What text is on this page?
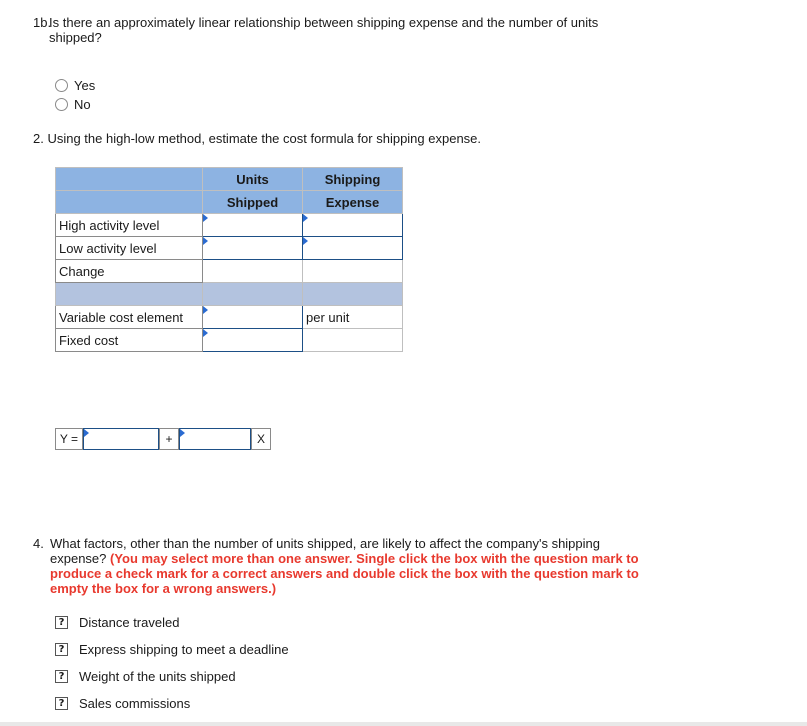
1b.
Is there an approximately linear relationship between shipping expense and the number of units shipped?
Yes
No
2. Using the high-low method, estimate the cost formula for shipping expense.
	Units	Shipping
	Shipped	Expense
High activity level		
Low activity level		
Change		

Variable cost element		per unit
Fixed cost		
Y =	+	X
4. What factors, other than the number of units shipped, are likely to affect the company's shipping expense? (You may select more than one answer. Single click the box with the question mark to produce a check mark for a correct answers and double click the box with the question mark to empty the box for a wrong answers.)
? Distance traveled
? Express shipping to meet a deadline
? Weight of the units shipped
? Sales commissions
